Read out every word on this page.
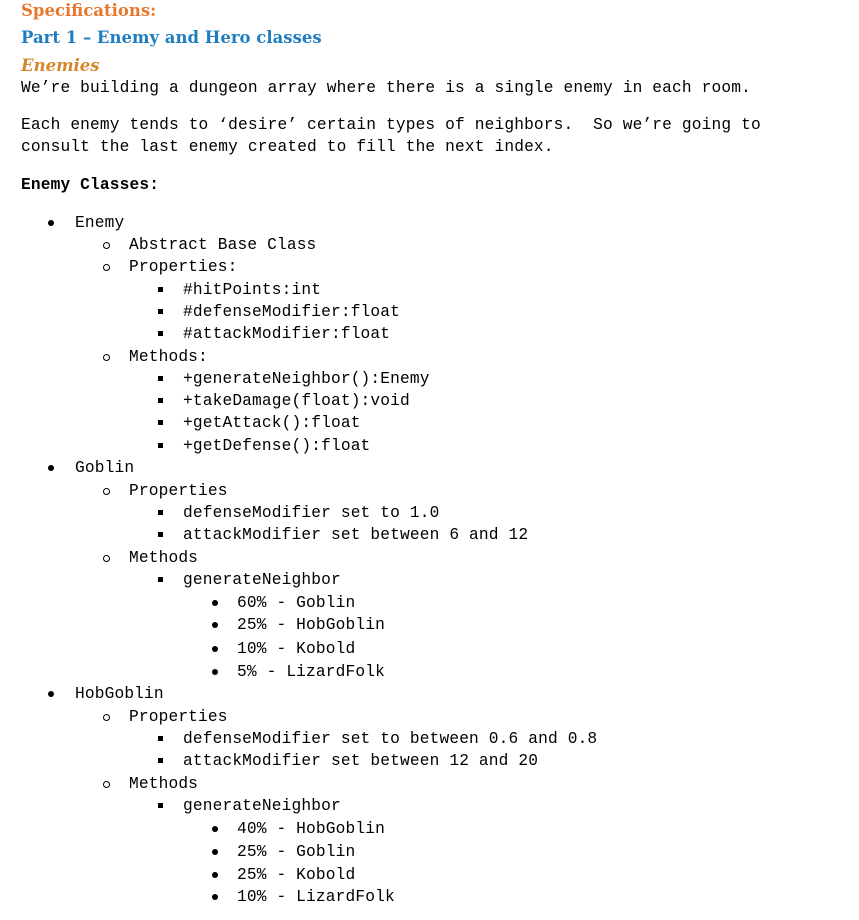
Specifications:
Part 1 – Enemy and Hero classes
Enemies
We’re building a dungeon array where there is a single enemy in each room.
Each enemy tends to ‘desire’ certain types of neighbors.  So we’re going to
consult the last enemy created to fill the next index.
Enemy Classes:
Enemy
Abstract Base Class
Properties:
#hitPoints:int
#defenseModifier:float
#attackModifier:float
Methods:
+generateNeighbor():Enemy
+takeDamage(float):void
+getAttack():float
+getDefense():float
Goblin
Properties
defenseModifier set to 1.0
attackModifier set between 6 and 12
Methods
generateNeighbor
60% - Goblin
25% - HobGoblin
10% - Kobold
5% - LizardFolk
HobGoblin
Properties
defenseModifier set to between 0.6 and 0.8
attackModifier set between 12 and 20
Methods
generateNeighbor
40% - HobGoblin
25% - Goblin
25% - Kobold
10% - LizardFolk
